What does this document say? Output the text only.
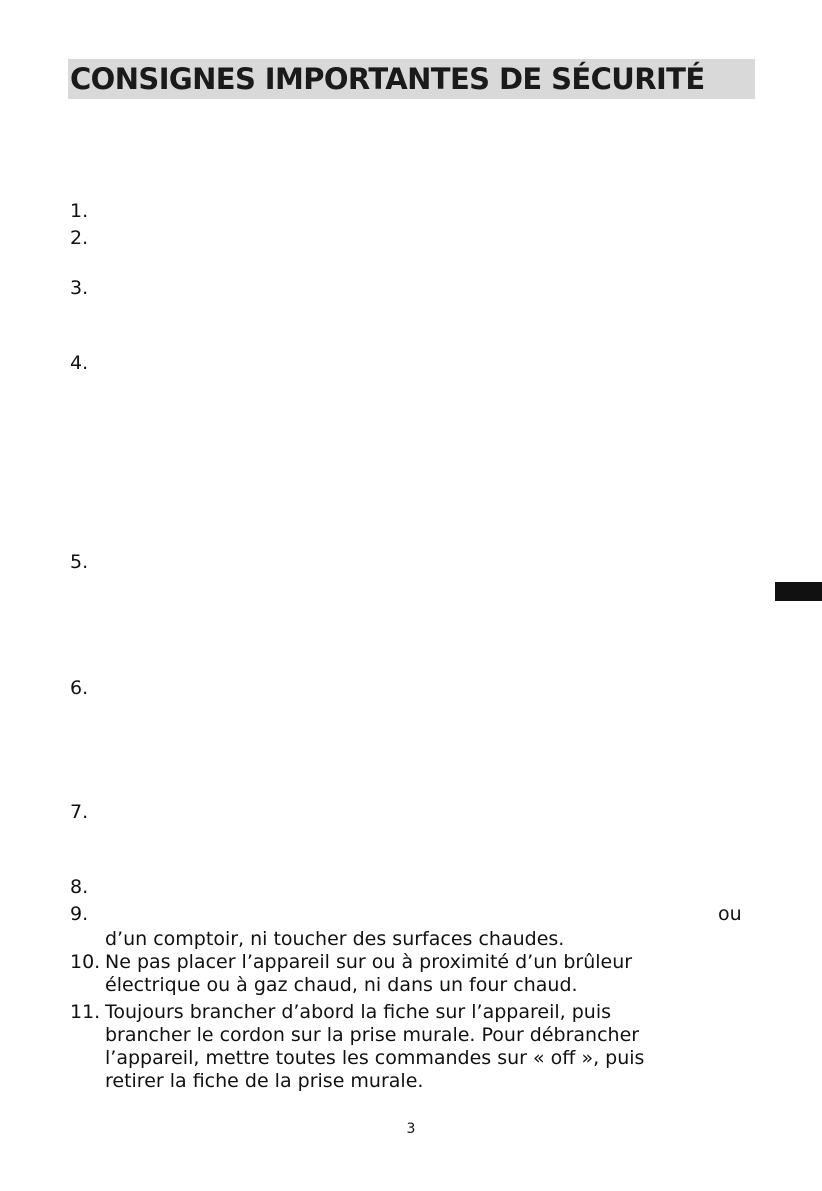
CONSIGNES IMPORTANTES DE SÉCURITÉ
1.
2.
3.
4.
5.
6.
7.
8.
9.	ou
d’un comptoir, ni toucher des surfaces chaudes.
10. Ne pas placer l’appareil sur ou à proximité d’un brûleur
électrique ou à gaz chaud, ni dans un four chaud.
11. Toujours brancher d’abord la fiche sur l’appareil, puis
brancher le cordon sur la prise murale. Pour débrancher
l’appareil, mettre toutes les commandes sur « off », puis
retirer la fiche de la prise murale.
3
